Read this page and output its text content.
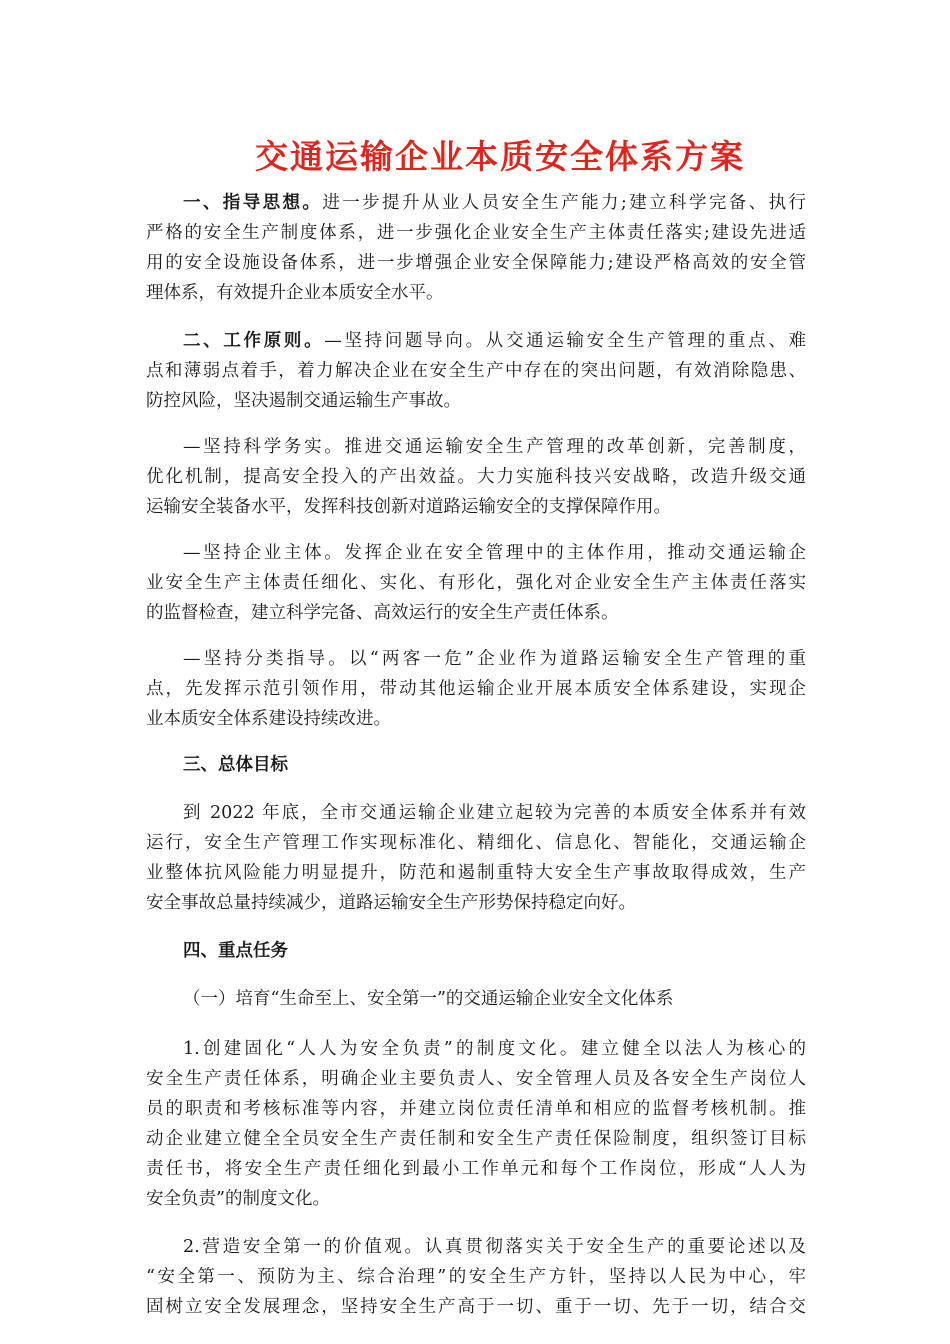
交通运输企业本质安全体系方案
一、指导思想。进一步提升从业人员安全生产能力;建立科学完备、执行
严格的安全生产制度体系，进一步强化企业安全生产主体责任落实;建设先进适
用的安全设施设备体系，进一步增强企业安全保障能力;建设严格高效的安全管
理体系，有效提升企业本质安全水平。
二、工作原则。—坚持问题导向。从交通运输安全生产管理的重点、难
点和薄弱点着手，着力解决企业在安全生产中存在的突出问题，有效消除隐患、
防控风险，坚决遏制交通运输生产事故。
—坚持科学务实。推进交通运输安全生产管理的改革创新，完善制度，
优化机制，提高安全投入的产出效益。大力实施科技兴安战略，改造升级交通
运输安全装备水平，发挥科技创新对道路运输安全的支撑保障作用。
—坚持企业主体。发挥企业在安全管理中的主体作用，推动交通运输企
业安全生产主体责任细化、实化、有形化，强化对企业安全生产主体责任落实
的监督检查，建立科学完备、高效运行的安全生产责任体系。
—坚持分类指导。以“两客一危”企业作为道路运输安全生产管理的重
点，先发挥示范引领作用，带动其他运输企业开展本质安全体系建设，实现企
业本质安全体系建设持续改进。
三、总体目标
到 2022 年底，全市交通运输企业建立起较为完善的本质安全体系并有效
运行，安全生产管理工作实现标准化、精细化、信息化、智能化，交通运输企
业整体抗风险能力明显提升，防范和遏制重特大安全生产事故取得成效，生产
安全事故总量持续减少，道路运输安全生产形势保持稳定向好。
四、重点任务
（一）培育“生命至上、安全第一”的交通运输企业安全文化体系
1.创建固化“人人为安全负责”的制度文化。建立健全以法人为核心的
安全生产责任体系，明确企业主要负责人、安全管理人员及各安全生产岗位人
员的职责和考核标准等内容，并建立岗位责任清单和相应的监督考核机制。推
动企业建立健全全员安全生产责任制和安全生产责任保险制度，组织签订目标
责任书，将安全生产责任细化到最小工作单元和每个工作岗位，形成“人人为
安全负责”的制度文化。
2.营造安全第一的价值观。认真贯彻落实关于安全生产的重要论述以及
“安全第一、预防为主、综合治理”的安全生产方针，坚持以人民为中心，牢
固树立安全发展理念，坚持安全生产高于一切、重于一切、先于一切，结合交
